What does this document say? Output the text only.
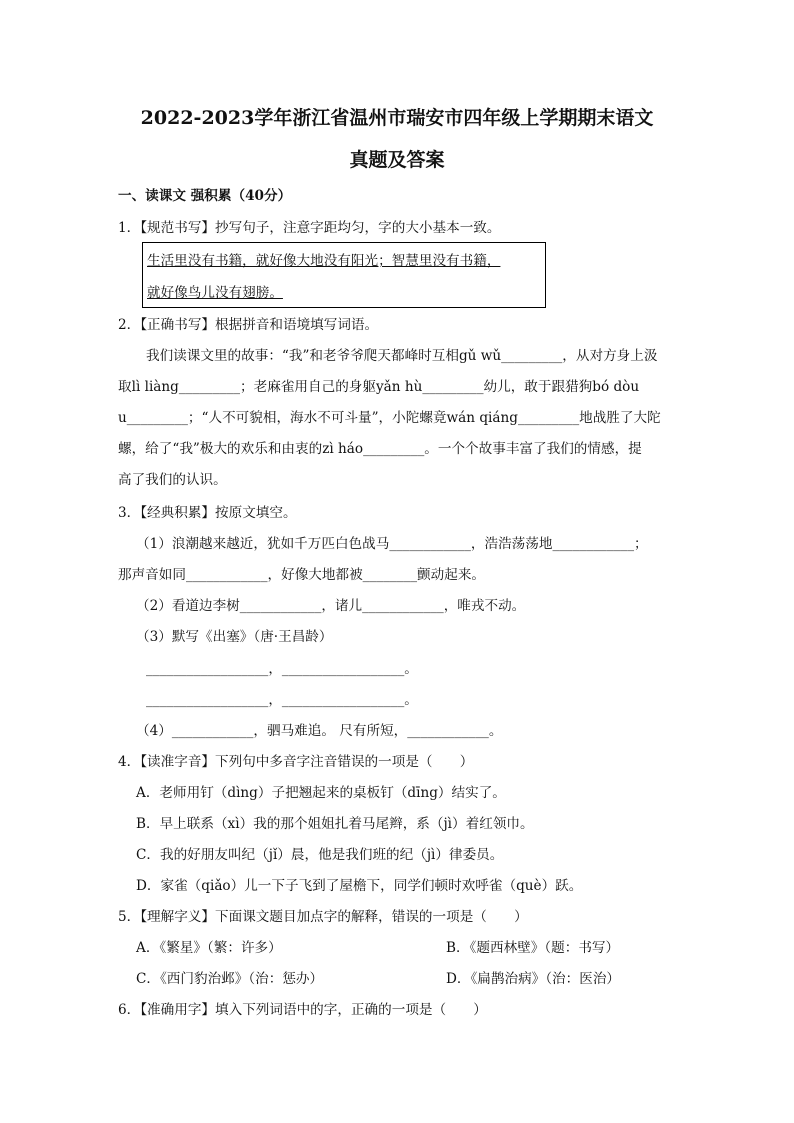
2022-2023学年浙江省温州市瑞安市四年级上学期期末语文
真题及答案
一、读课文 强积累（40分）
1．【规范书写】抄写句子，注意字距均匀，字的大小基本一致。
生活里没有书籍，就好像大地没有阳光；智慧里没有书籍，
就好像鸟儿没有翅膀。
2．【正确书写】根据拼音和语境填写词语。
我们读课文里的故事：“我”和老爷爷爬天都峰时互相gǔ wǔ_________，从对方身上汲
取lì liàng_________；老麻雀用自己的身躯yǎn hù_________幼儿，敢于跟猎狗bó dòu
u_________；“人不可貌相，海水不可斗量”，小陀螺竟wán qiáng_________地战胜了大陀
螺，给了“我”极大的欢乐和由衷的zì háo_________。一个个故事丰富了我们的情感，提
高了我们的认识。
3．【经典积累】按原文填空。
（1）浪潮越来越近，犹如千万匹白色战马____________，浩浩荡荡地____________；
那声音如同____________，好像大地都被________颤动起来。
（2）看道边李树____________，诸儿____________，唯戎不动。
（3）默写《出塞》（唐·王昌龄）
__________________，__________________。
__________________，__________________。
（4）____________，驷马难追。 尺有所短，____________。
4．【读准字音】下列句中多音字注音错误的一项是（　　）
A．老师用钉（dìng）子把翘起来的桌板钉（dīng）结实了。
B．早上联系（xì）我的那个姐姐扎着马尾辫，系（jì）着红领巾。
C．我的好朋友叫纪（jǐ）晨，他是我们班的纪（jì）律委员。
D．家雀（qiǎo）儿一下子飞到了屋檐下，同学们顿时欢呼雀（què）跃。
5．【理解字义】下面课文题目加点字的解释，错误的一项是（　　）
A．《繁星》（繁：许多）	B．《题西林壁》（题：书写）
C．《西门豹治邺》（治：惩办）	D．《扁鹊治病》（治：医治）
6．【准确用字】填入下列词语中的字，正确的一项是（　　）
